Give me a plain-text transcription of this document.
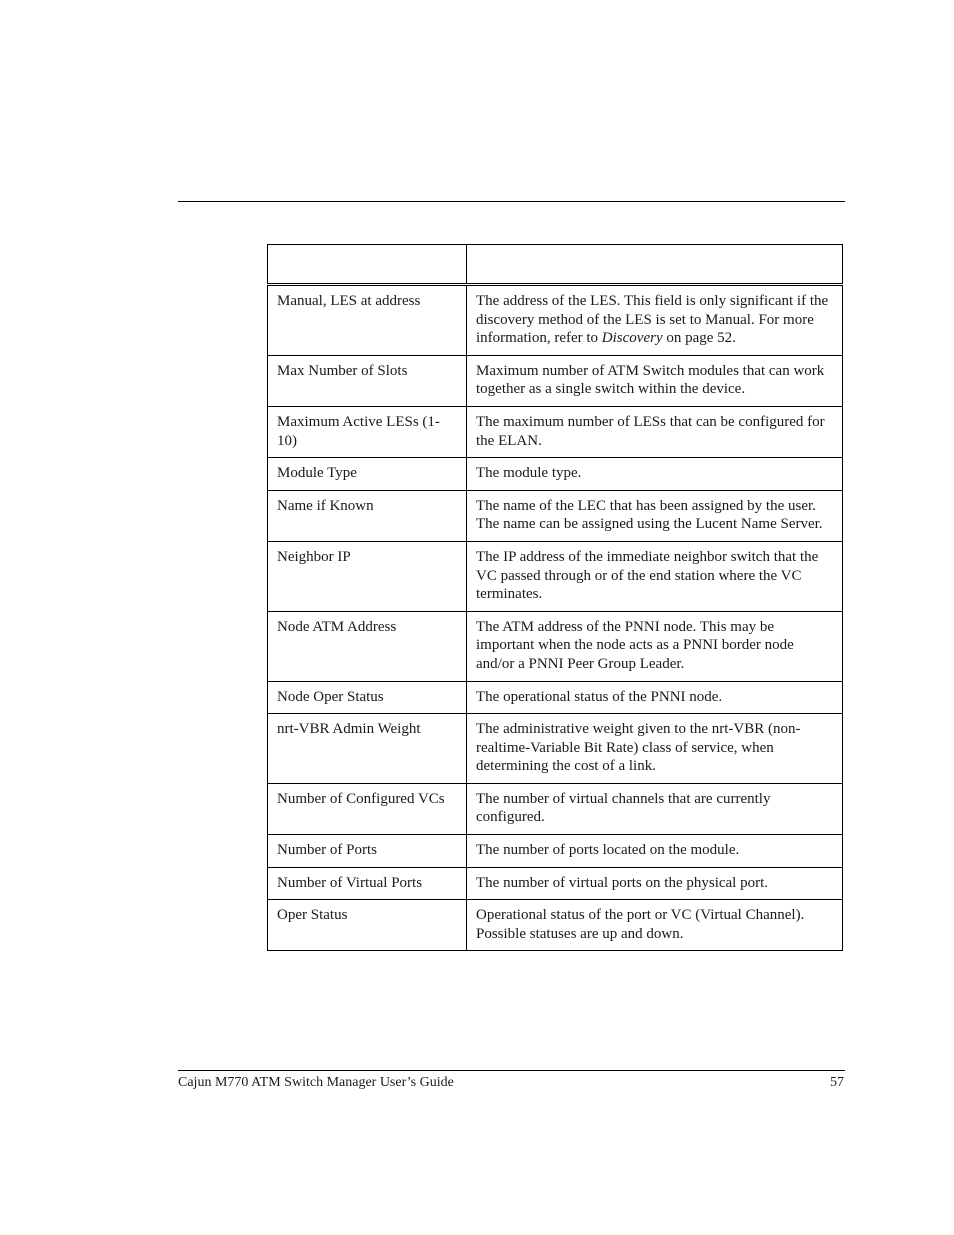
Manual, LES at address	The address of the LES. This field is only significant if the discovery method of the LES is set to Manual. For more information, refer to Discovery on page 52.
Max Number of Slots	Maximum number of ATM Switch modules that can work together as a single switch within the device.
Maximum Active LESs (1-10)	The maximum number of LESs that can be configured for the ELAN.
Module Type	The module type.
Name if Known	The name of the LEC that has been assigned by the user. The name can be assigned using the Lucent Name Server.
Neighbor IP	The IP address of the immediate neighbor switch that the VC passed through or of the end station where the VC terminates.
Node ATM Address	The ATM address of the PNNI node. This may be important when the node acts as a PNNI border node and/or a PNNI Peer Group Leader.
Node Oper Status	The operational status of the PNNI node.
nrt-VBR Admin Weight	The administrative weight given to the nrt-VBR (non-realtime-Variable Bit Rate) class of service, when determining the cost of a link.
Number of Configured VCs	The number of virtual channels that are currently configured.
Number of Ports	The number of ports located on the module.
Number of Virtual Ports	The number of virtual ports on the physical port.
Oper Status	Operational status of the port or VC (Virtual Channel). Possible statuses are up and down.
Cajun M770 ATM Switch Manager User’s Guide	57
